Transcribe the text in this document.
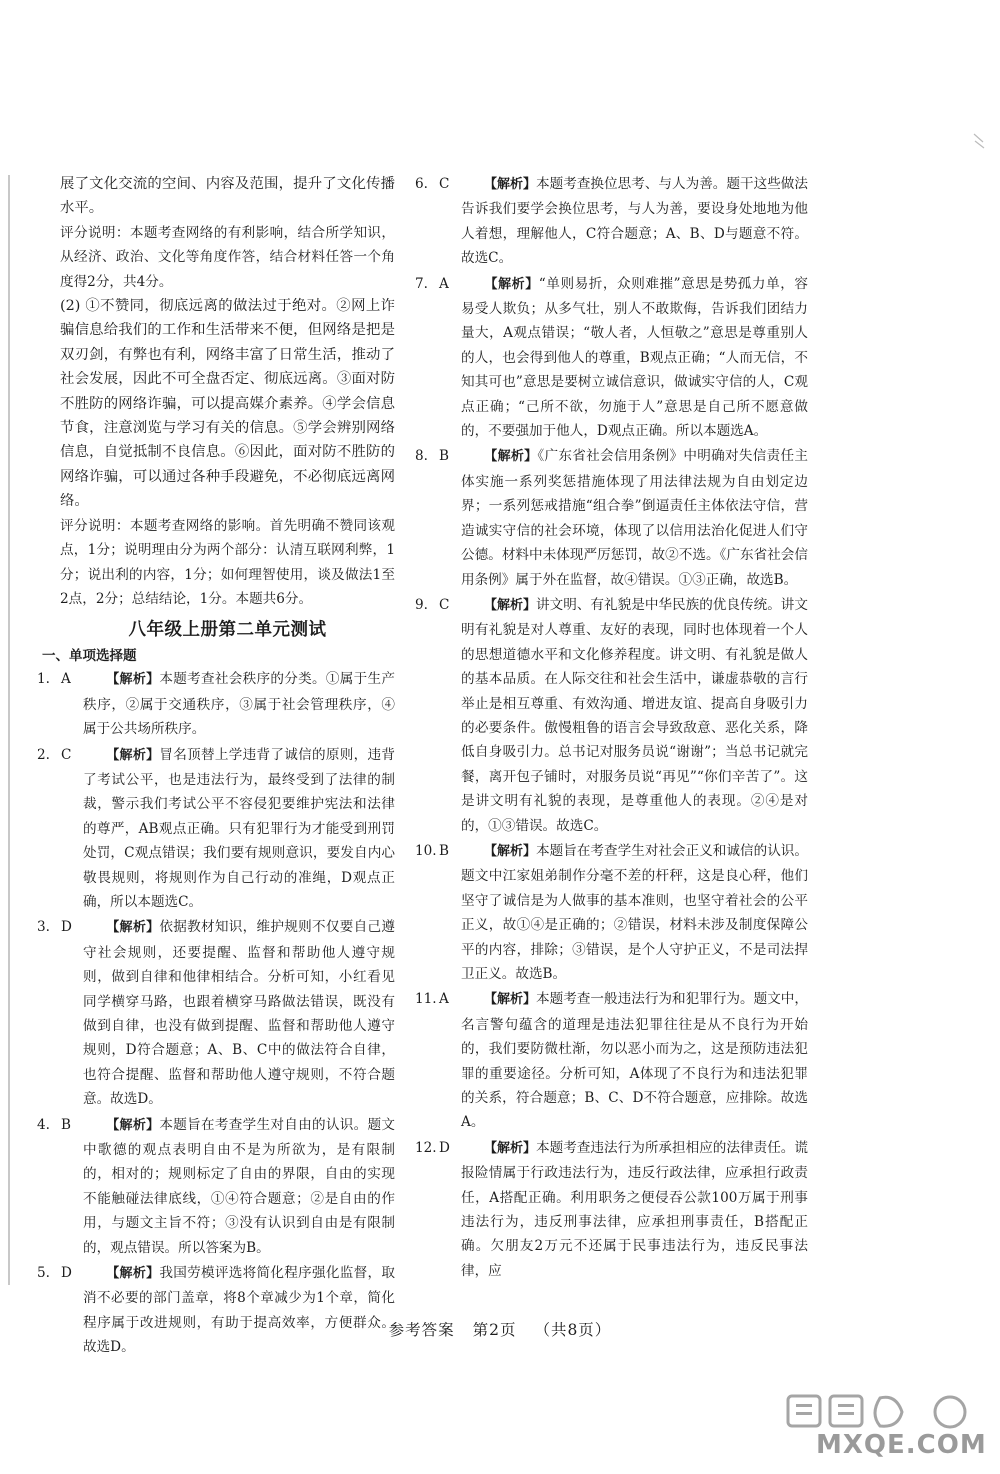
展了文化交流的空间、内容及范围，提升了文化传播水平。

评分说明：本题考查网络的有利影响，结合所学知识，从经济、政治、文化等角度作答，结合材料任答一个角度得2分，共4分。

(2) ①不赞同，彻底远离的做法过于绝对。②网上诈骗信息给我们的工作和生活带来不便，但网络是把是双刃剑，有弊也有利，网络丰富了日常生活，推动了社会发展，因此不可全盘否定、彻底远离。③面对防不胜防的网络诈骗，可以提高媒介素养。④学会信息节食，注意浏览与学习有关的信息。⑤学会辨别网络信息，自觉抵制不良信息。⑥因此，面对防不胜防的网络诈骗，可以通过各种手段避免，不必彻底远离网络。

评分说明：本题考查网络的影响。首先明确不赞同该观点，1分；说明理由分为两个部分：认清互联网利弊，1分；说出利的内容，1分；如何理智使用，谈及做法1至2点，2分；总结结论，1分。本题共6分。

八年级上册第二单元测试

一、单项选择题

1. A	【解析】本题考查社会秩序的分类。①属于生产秩序，②属于交通秩序，③属于社会管理秩序，④属于公共场所秩序。
2. C	【解析】冒名顶替上学违背了诚信的原则，违背了考试公平，也是违法行为，最终受到了法律的制裁，警示我们考试公平不容侵犯要维护宪法和法律的尊严，AB观点正确。只有犯罪行为才能受到刑罚处罚，C观点错误；我们要有规则意识，要发自内心敬畏规则，将规则作为自己行动的准绳，D观点正确，所以本题选C。
3. D	【解析】依据教材知识，维护规则不仅要自己遵守社会规则，还要提醒、监督和帮助他人遵守规则，做到自律和他律相结合。分析可知，小红看见同学横穿马路，也跟着横穿马路做法错误，既没有做到自律，也没有做到提醒、监督和帮助他人遵守规则，D符合题意；A、B、C中的做法符合自律，也符合提醒、监督和帮助他人遵守规则，不符合题意。故选D。
4. B	【解析】本题旨在考查学生对自由的认识。题文中歌德的观点表明自由不是为所欲为，是有限制的，相对的；规则标定了自由的界限，自由的实现不能触碰法律底线，①④符合题意；②是自由的作用，与题文主旨不符；③没有认识到自由是有限制的，观点错误。所以答案为B。
5. D	【解析】我国劳模评选将简化程序强化监督，取消不必要的部门盖章，将8个章减少为1个章，简化程序属于改进规则，有助于提高效率，方便群众。故选D。
6. C	【解析】本题考查换位思考、与人为善。题干这些做法告诉我们要学会换位思考，与人为善，要设身处地地为他人着想，理解他人，C符合题意；A、B、D与题意不符。故选C。
7. A	【解析】“单则易折，众则难摧”意思是势孤力单，容易受人欺负；从多气壮，别人不敢欺侮，告诉我们团结力量大，A观点错误；“敬人者，人恒敬之”意思是尊重别人的人，也会得到他人的尊重，B观点正确；“人而无信，不知其可也”意思是要树立诚信意识，做诚实守信的人，C观点正确；“己所不欲，勿施于人”意思是自己所不愿意做的，不要强加于他人，D观点正确。所以本题选A。
8. B	【解析】《广东省社会信用条例》中明确对失信责任主体实施一系列奖惩措施体现了用法律法规为自由划定边界；一系列惩戒措施“组合拳”倒逼责任主体依法守信，营造诚实守信的社会环境，体现了以信用法治化促进人们守公德。材料中未体现严厉惩罚，故②不选。《广东省社会信用条例》属于外在监督，故④错误。①③正确，故选B。
9. C	【解析】讲文明、有礼貌是中华民族的优良传统。讲文明有礼貌是对人尊重、友好的表现，同时也体现着一个人的思想道德水平和文化修养程度。讲文明、有礼貌是做人的基本品质。在人际交往和社会生活中，谦虚恭敬的言行举止是相互尊重、有效沟通、增进友谊、提高自身吸引力的必要条件。傲慢粗鲁的语言会导致敌意、恶化关系，降低自身吸引力。总书记对服务员说“谢谢”；当总书记就完餐，离开包子铺时，对服务员说“再见”“你们辛苦了”。这是讲文明有礼貌的表现，是尊重他人的表现。②④是对的，①③错误。故选C。
10. B	【解析】本题旨在考查学生对社会正义和诚信的认识。题文中江家姐弟制作分毫不差的杆秤，这是良心秤，他们坚守了诚信是为人做事的基本准则，也坚守着社会的公平正义，故①④是正确的；②错误，材料未涉及制度保障公平的内容，排除；③错误，是个人守护正义，不是司法捍卫正义。故选B。
11. A	【解析】本题考查一般违法行为和犯罪行为。题文中，名言警句蕴含的道理是违法犯罪往往是从不良行为开始的，我们要防微杜渐，勿以恶小而为之，这是预防违法犯罪的重要途径。分析可知，A体现了不良行为和违法犯罪的关系，符合题意；B、C、D不符合题意，应排除。故选A。
12. D	【解析】本题考查违法行为所承担相应的法律责任。谎报险情属于行政违法行为，违反行政法律，应承担行政责任，A搭配正确。利用职务之便侵吞公款100万属于刑事违法行为，违反刑事法律，应承担刑事责任，B搭配正确。欠朋友2万元不还属于民事违法行为，违反民事法律，应
参考答案 第2页 （共8页）
MXQE.COM
